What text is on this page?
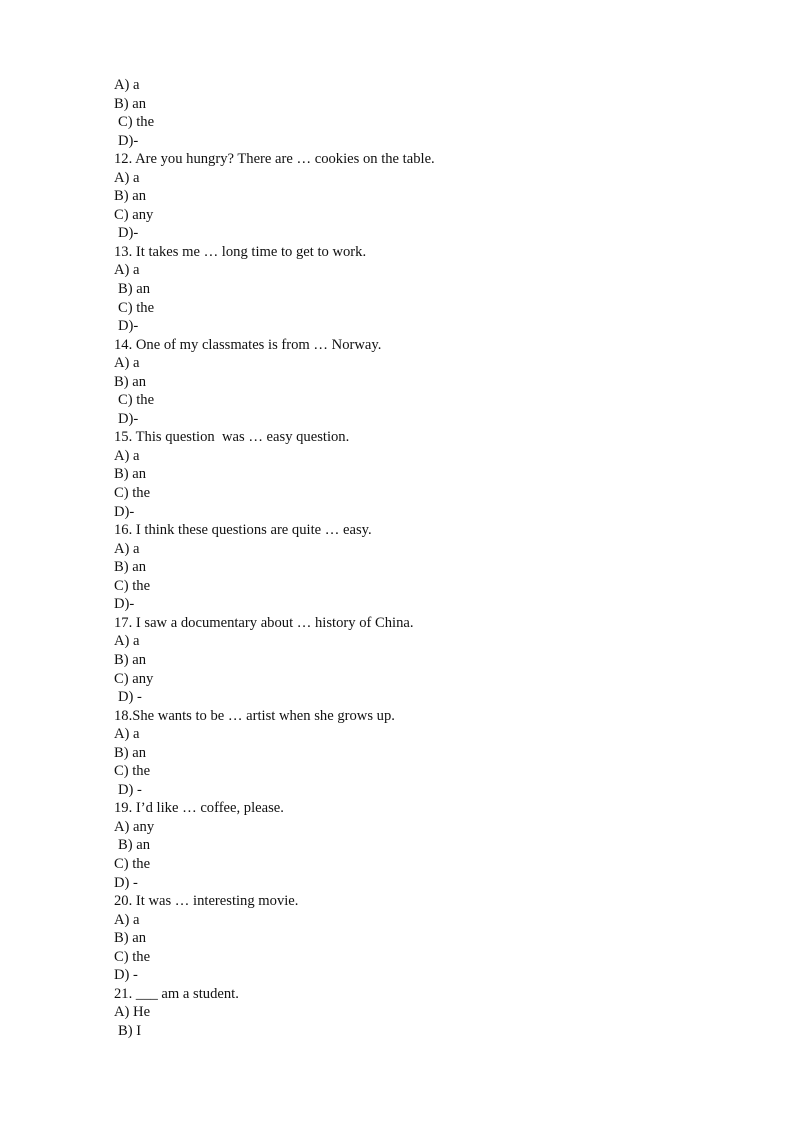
A) a
B) an
C) the
D)-
12. Are you hungry? There are … cookies on the table.
A) a
B) an
C) any
D)-
13. It takes me … long time to get to work.
A) a
B) an
C) the
D)-
14. One of my classmates is from … Norway.
A) a
B) an
C) the
D)-
15. This question  was … easy question.
A) a
B) an
C) the
D)-
16. I think these questions are quite … easy.
A) a
B) an
C) the
D)-
17. I saw a documentary about … history of China.
A) a
B) an
C) any
D) -
18.She wants to be … artist when she grows up.
A) a
B) an
C) the
D) -
19. I’d like … coffee, please.
A) any
B) an
C) the
D) -
20. It was … interesting movie.
A) a
B) an
C) the
D) -
21. ___ am a student.
A) He
B) I
